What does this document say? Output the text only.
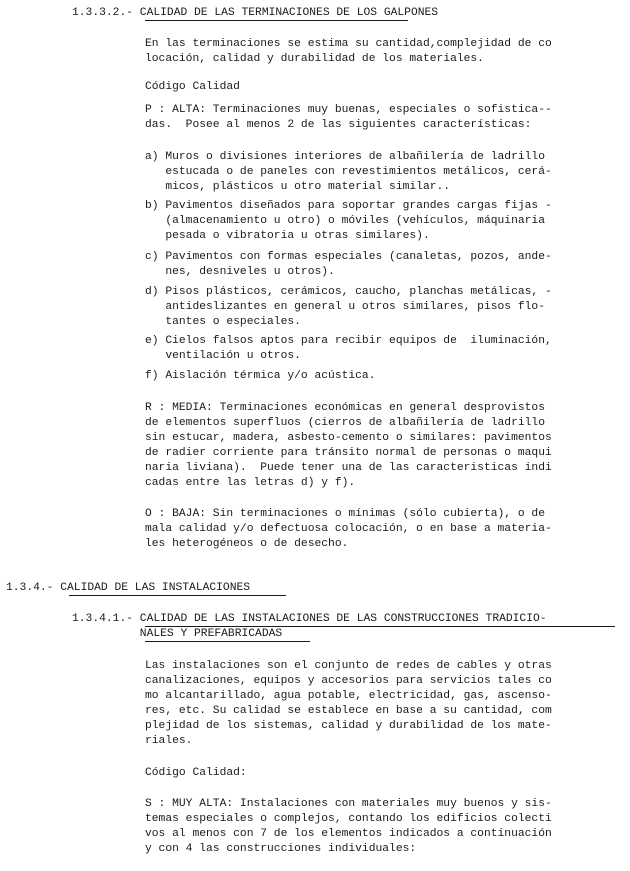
1.3.3.2.- CALIDAD DE LAS TERMINACIONES DE LOS GALPONES
En las terminaciones se estima su cantidad,complejidad de co
locación, calidad y durabilidad de los materiales.
Código Calidad
P : ALTA: Terminaciones muy buenas, especiales o sofistica--
das.  Posee al menos 2 de las siguientes características:
a) Muros o divisiones interiores de albañilería de ladrillo
estucada o de paneles con revestimientos metálicos, cerá-
micos, plásticos u otro material similar..
b) Pavimentos diseñados para soportar grandes cargas fijas -
(almacenamiento u otro) o móviles (vehículos, máquinaria
pesada o vibratoria u otras similares).
c) Pavimentos con formas especiales (canaletas, pozos, ande-
nes, desniveles u otros).
d) Pisos plásticos, cerámicos, caucho, planchas metálicas, -
antideslizantes en general u otros similares, pisos flo-
tantes o especiales.
e) Cielos falsos aptos para recibir equipos de  iluminación,
ventilación u otros.
f) Aislación térmica y/o acústica.
R : MEDIA: Terminaciones económicas en general desprovistos
de elementos superfluos (cierros de albañilería de ladrillo
sin estucar, madera, asbesto-cemento o similares: pavimentos
de radier corriente para tránsito normal de personas o maqui
naria liviana).  Puede tener una de las caracteristicas indi
cadas entre las letras d) y f).
O : BAJA: Sin terminaciones o mínimas (sólo cubierta), o de
mala calidad y/o defectuosa colocación, o en base a materia-
les heterogéneos o de desecho.
1.3.4.- CALIDAD DE LAS INSTALACIONES
1.3.4.1.- CALIDAD DE LAS INSTALACIONES DE LAS CONSTRUCCIONES TRADICIO-
NALES Y PREFABRICADAS
Las instalaciones son el conjunto de redes de cables y otras
canalizaciones, equipos y accesorios para servicios tales co
mo alcantarillado, agua potable, electricidad, gas, ascenso-
res, etc. Su calidad se establece en base a su cantidad, com
plejidad de los sistemas, calidad y durabilidad de los mate-
riales.
Código Calidad:
S : MUY ALTA: Instalaciones con materiales muy buenos y sis-
temas especiales o complejos, contando los edificios colecti
vos al menos con 7 de los elementos indicados a continuación
y con 4 las construcciones individuales:
